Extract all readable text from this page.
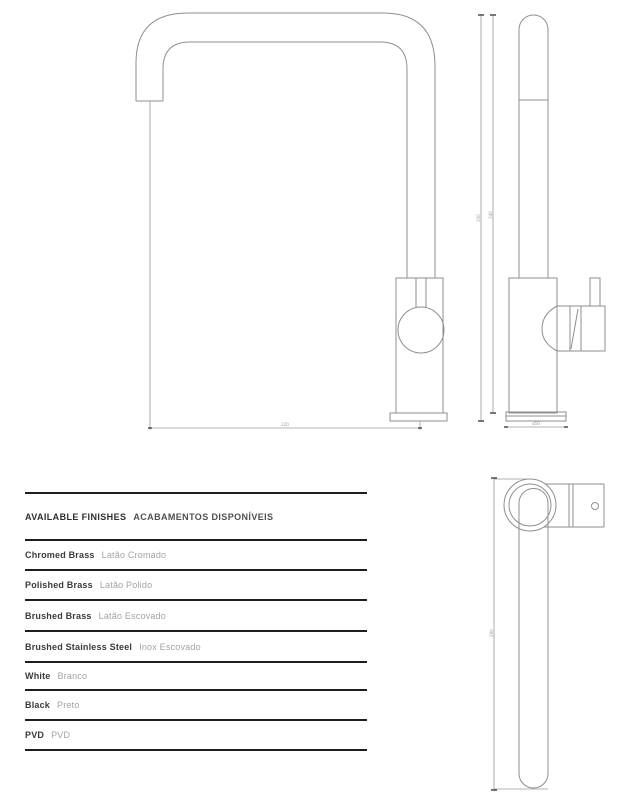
220
350 340
ø50
260
AVAILABLE FINISHES ACABAMENTOS DISPONÍVEIS
Chromed Brass Latão Cromado
Polished Brass Latão Polido
Brushed Brass Latão Escovado
Brushed Stainless Steel Inox Escovado
White Branco
Black Preto
PVD PVD
